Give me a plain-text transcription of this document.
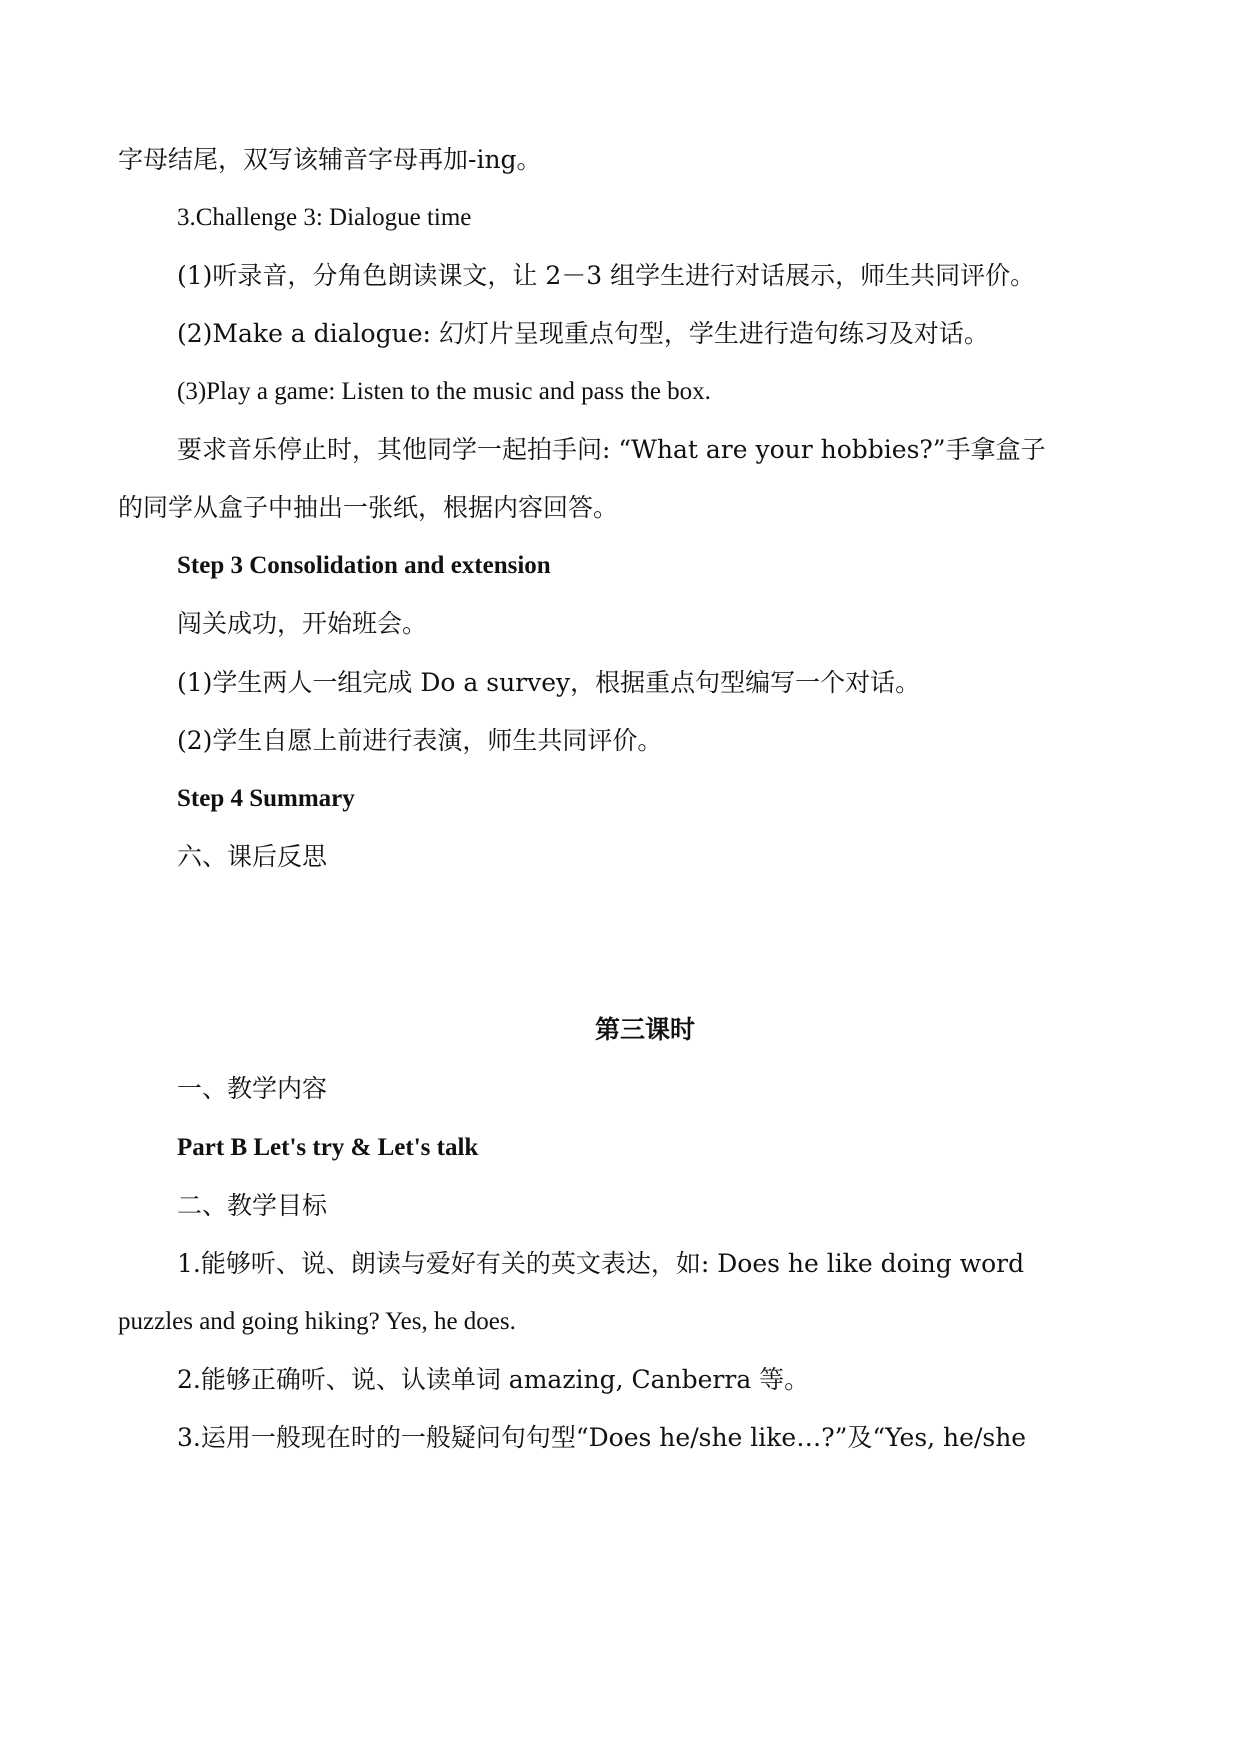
字母结尾，双写该辅音字母再加-ing。

3.Challenge 3: Dialogue time

(1)听录音，分角色朗读课文，让 2－3 组学生进行对话展示，师生共同评价。

(2)Make a dialogue: 幻灯片呈现重点句型，学生进行造句练习及对话。

(3)Play a game: Listen to the music and pass the box.

要求音乐停止时，其他同学一起拍手问: “What are your hobbies?”手拿盒子

的同学从盒子中抽出一张纸，根据内容回答。

Step 3 Consolidation and extension

闯关成功，开始班会。

(1)学生两人一组完成 Do a survey，根据重点句型编写一个对话。

(2)学生自愿上前进行表演，师生共同评价。

Step 4 Summary

六、课后反思

第三课时

一、教学内容

Part B Let's try & Let's talk

二、教学目标

1.能够听、说、朗读与爱好有关的英文表达，如: Does he like doing word

puzzles and going hiking? Yes, he does.

2.能够正确听、说、认读单词 amazing, Canberra 等。

3.运用一般现在时的一般疑问句句型“Does he/she like…?”及“Yes, he/she
